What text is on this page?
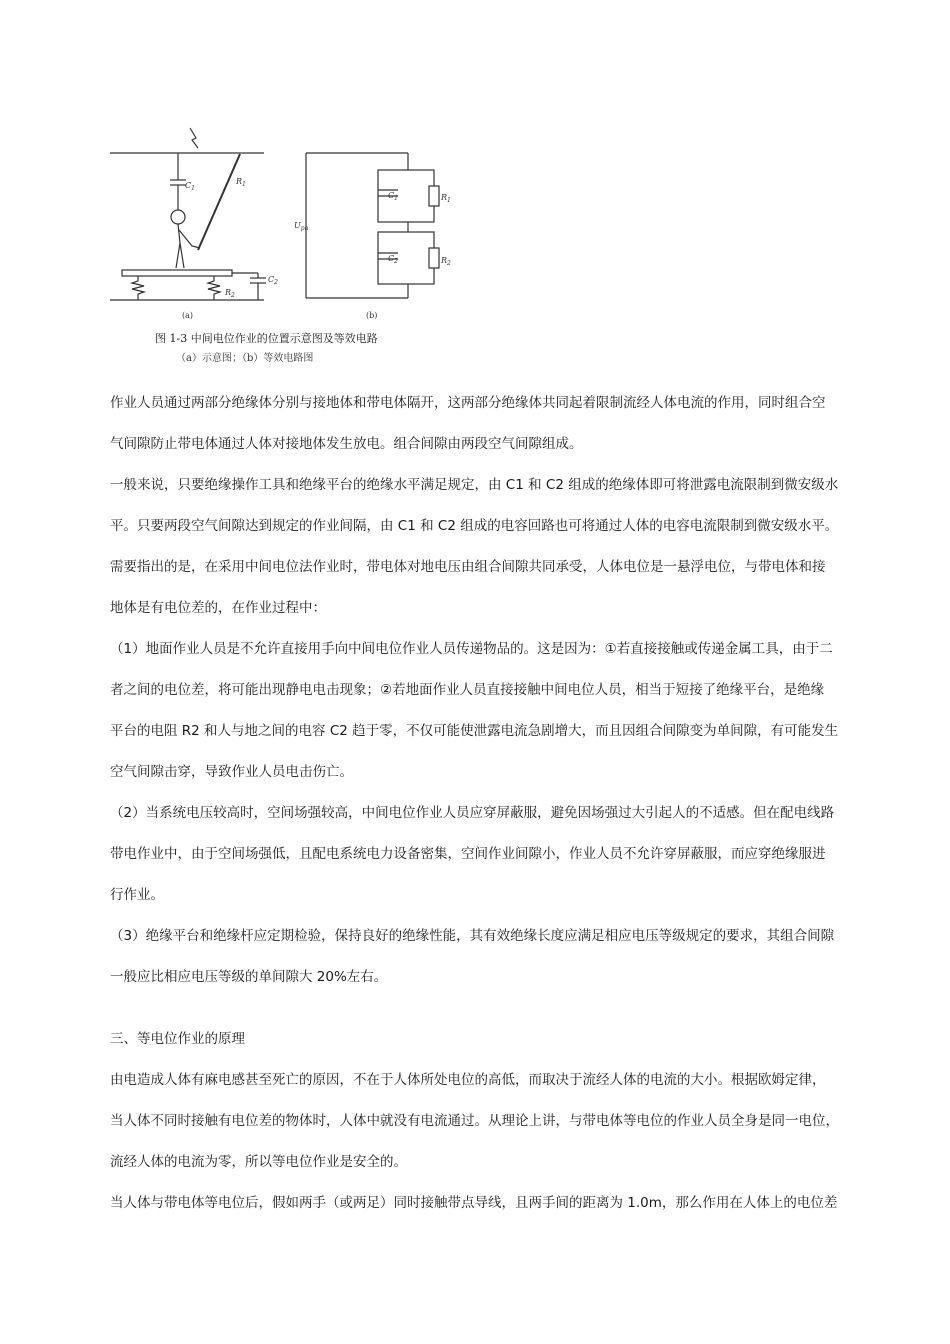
$C_1$
$R_1$
$R_2$
$C_2$
$U_{ph}$
$C_1$	$R_1$
$C_2$	$R_2$
(a)	(b)
图 1-3 中间电位作业的位置示意图及等效电路
（a）示意图；（b）等效电路图
作业人员通过两部分绝缘体分别与接地体和带电体隔开，这两部分绝缘体共同起着限制流经人体电流的作用，同时组合空
气间隙防止带电体通过人体对接地体发生放电。组合间隙由两段空气间隙组成。
一般来说，只要绝缘操作工具和绝缘平台的绝缘水平满足规定，由 C1 和 C2 组成的绝缘体即可将泄露电流限制到微安级水
平。只要两段空气间隙达到规定的作业间隔，由 C1 和 C2 组成的电容回路也可将通过人体的电容电流限制到微安级水平。
需要指出的是，在采用中间电位法作业时，带电体对地电压由组合间隙共同承受，人体电位是一悬浮电位，与带电体和接
地体是有电位差的，在作业过程中：
（1）地面作业人员是不允许直接用手向中间电位作业人员传递物品的。这是因为：①若直接接触或传递金属工具，由于二
者之间的电位差，将可能出现静电电击现象；②若地面作业人员直接接触中间电位人员，相当于短接了绝缘平台，是绝缘
平台的电阻 R2 和人与地之间的电容 C2 趋于零，不仅可能使泄露电流急剧增大，而且因组合间隙变为单间隙，有可能发生
空气间隙击穿，导致作业人员电击伤亡。
（2）当系统电压较高时，空间场强较高，中间电位作业人员应穿屏蔽服，避免因场强过大引起人的不适感。但在配电线路
带电作业中，由于空间场强低，且配电系统电力设备密集，空间作业间隙小，作业人员不允许穿屏蔽服，而应穿绝缘服进
行作业。
（3）绝缘平台和绝缘杆应定期检验，保持良好的绝缘性能，其有效绝缘长度应满足相应电压等级规定的要求，其组合间隙
一般应比相应电压等级的单间隙大 20%左右。
三、等电位作业的原理
由电造成人体有麻电感甚至死亡的原因，不在于人体所处电位的高低，而取决于流经人体的电流的大小。根据欧姆定律，
当人体不同时接触有电位差的物体时，人体中就没有电流通过。从理论上讲，与带电体等电位的作业人员全身是同一电位，
流经人体的电流为零，所以等电位作业是安全的。
当人体与带电体等电位后，假如两手（或两足）同时接触带点导线，且两手间的距离为 1.0m，那么作用在人体上的电位差
